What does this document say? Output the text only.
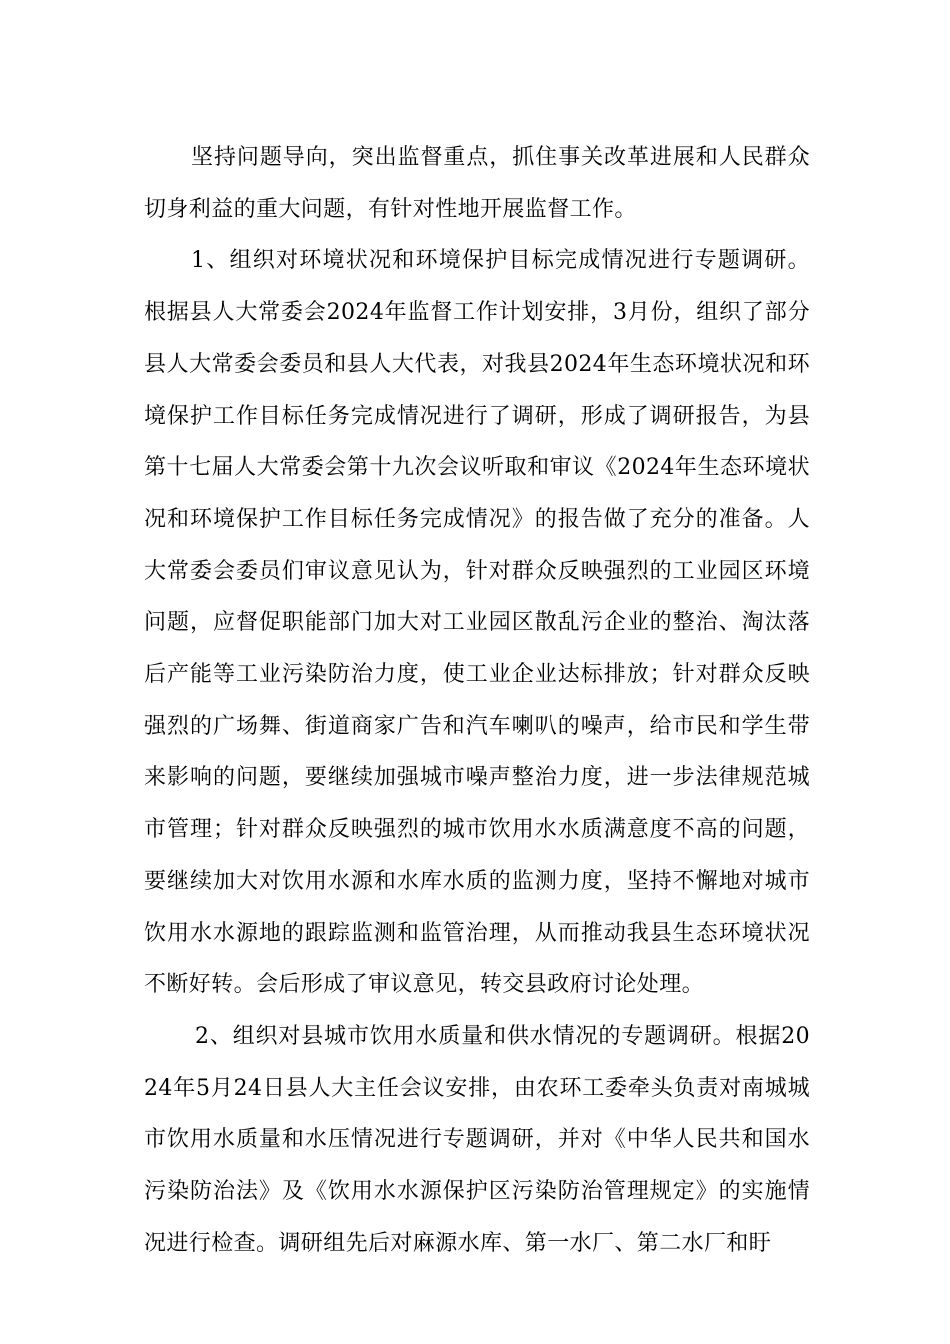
坚持问题导向，突出监督重点，抓住事关改革进展和人民群众切身利益的重大问题，有针对性地开展监督工作。

1、组织对环境状况和环境保护目标完成情况进行专题调研。根据县人大常委会2024年监督工作计划安排，3月份，组织了部分县人大常委会委员和县人大代表，对我县2024年生态环境状况和环境保护工作目标任务完成情况进行了调研，形成了调研报告，为县第十七届人大常委会第十九次会议听取和审议《2024年生态环境状况和环境保护工作目标任务完成情况》的报告做了充分的准备。人大常委会委员们审议意见认为，针对群众反映强烈的工业园区环境问题，应督促职能部门加大对工业园区散乱污企业的整治、淘汰落后产能等工业污染防治力度，使工业企业达标排放；针对群众反映强烈的广场舞、街道商家广告和汽车喇叭的噪声，给市民和学生带来影响的问题，要继续加强城市噪声整治力度，进一步法律规范城市管理；针对群众反映强烈的城市饮用水水质满意度不高的问题，要继续加大对饮用水源和水库水质的监测力度，坚持不懈地对城市饮用水水源地的跟踪监测和监管治理，从而推动我县生态环境状况不断好转。会后形成了审议意见，转交县政府讨论处理。

2、组织对县城市饮用水质量和供水情况的专题调研。根据2024年5月24日县人大主任会议安排，由农环工委牵头负责对南城城市饮用水质量和水压情况进行专题调研，并对《中华人民共和国水污染防治法》及《饮用水水源保护区污染防治管理规定》的实施情况进行检查。调研组先后对麻源水库、第一水厂、第二水厂和盱
